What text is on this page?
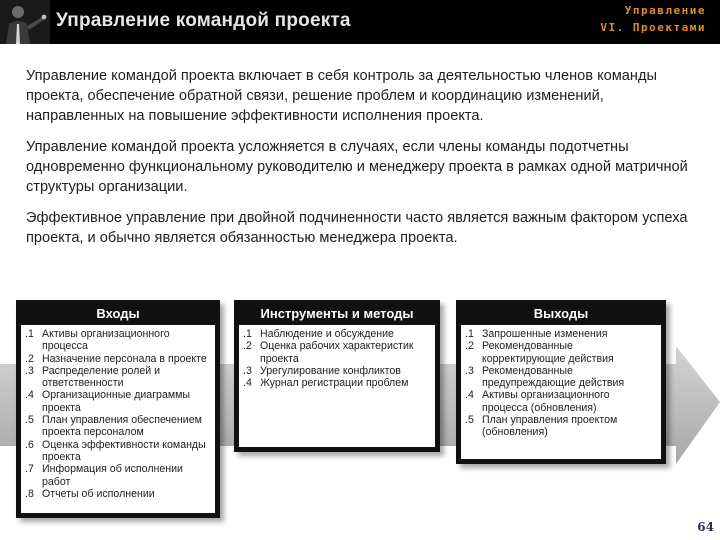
Управление командой проекта	Управление
VI. Проектами

Управление командой проекта включает в себя контроль за деятельностью членов команды проекта, обеспечение обратной связи, решение проблем и координацию изменений, направленных на повышение эффективности исполнения проекта.

Управление командой проекта усложняется в случаях, если члены команды подотчетны одновременно функциональному руководителю и менеджеру проекта в рамках одной матричной структуры организации.

Эффективное управление при двойной подчиненности часто является важным фактором успеха проекта, и обычно является обязанностью менеджера проекта.

Входы
.1 Активы организационного процесса
.2 Назначение персонала в проекте
.3 Распределение ролей и ответственности
.4 Организационные диаграммы проекта
.5 План управления обеспечением проекта персоналом
.6 Оценка эффективности команды проекта
.7 Информация об исполнении работ
.8 Отчеты об исполнении
Инструменты и методы
.1 Наблюдение и обсуждение
.2 Оценка рабочих характеристик проекта
.3 Урегулирование конфликтов
.4 Журнал регистрации проблем
Выходы
.1 Запрошенные изменения
.2 Рекомендованные корректирующие действия
.3 Рекомендованные предупреждающие действия
.4 Активы организационного процесса (обновления)
.5 План управления проектом (обновления)
64
